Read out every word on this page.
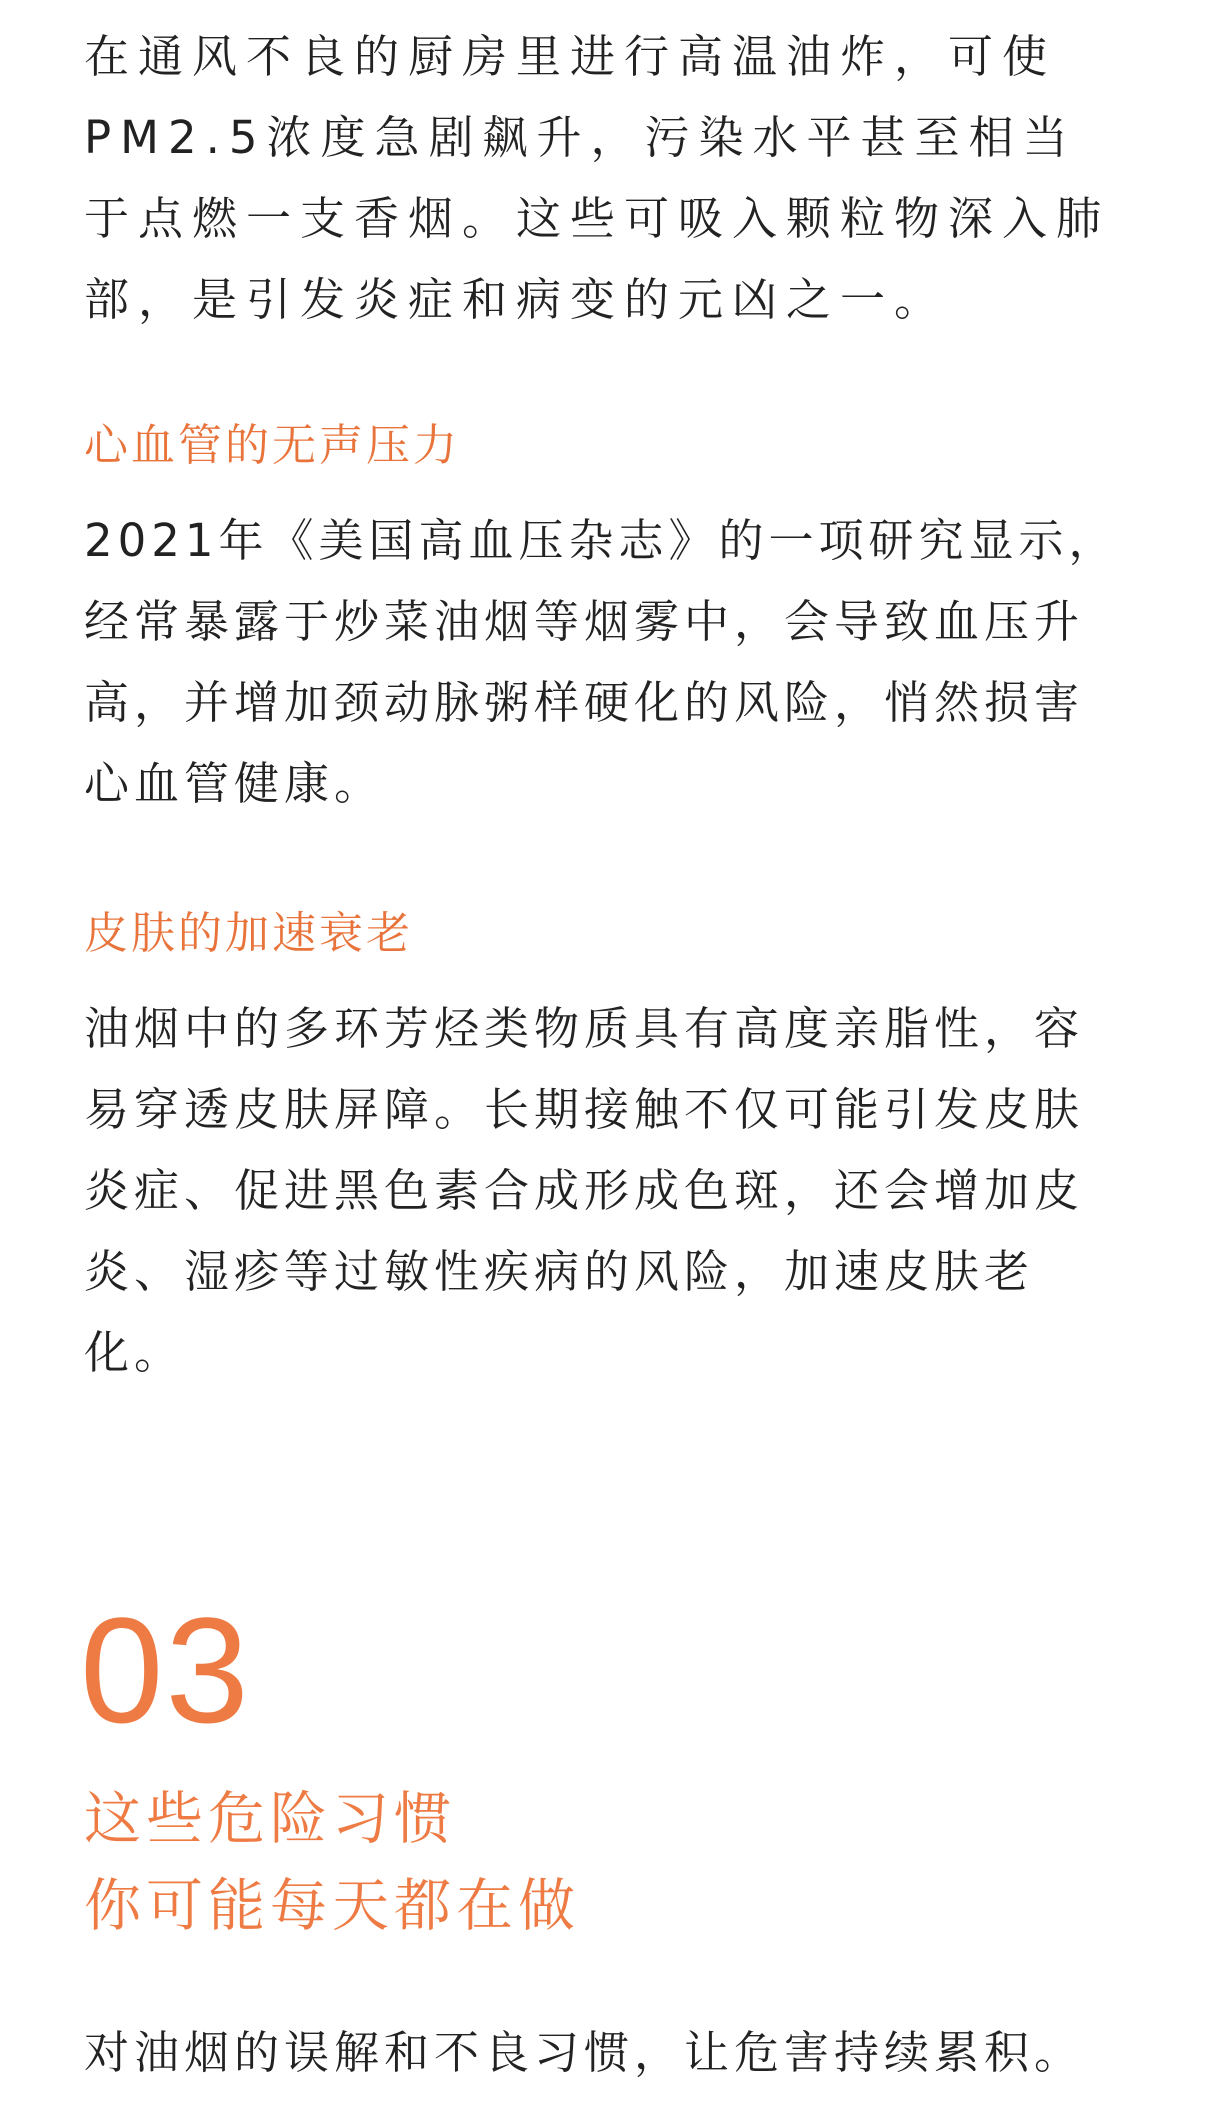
在通风不良的厨房里进行高温油炸，可使PM2.5浓度急剧飙升，污染水平甚至相当于点燃一支香烟。这些可吸入颗粒物深入肺部，是引发炎症和病变的元凶之一。

心血管的无声压力

2021年《美国高血压杂志》的一项研究显示，经常暴露于炒菜油烟等烟雾中，会导致血压升高，并增加颈动脉粥样硬化的风险，悄然损害心血管健康。

皮肤的加速衰老

油烟中的多环芳烃类物质具有高度亲脂性，容易穿透皮肤屏障。长期接触不仅可能引发皮肤炎症、促进黑色素合成形成色斑，还会增加皮炎、湿疹等过敏性疾病的风险，加速皮肤老化。

03
这些危险习惯
你可能每天都在做

对油烟的误解和不良习惯，让危害持续累积。
